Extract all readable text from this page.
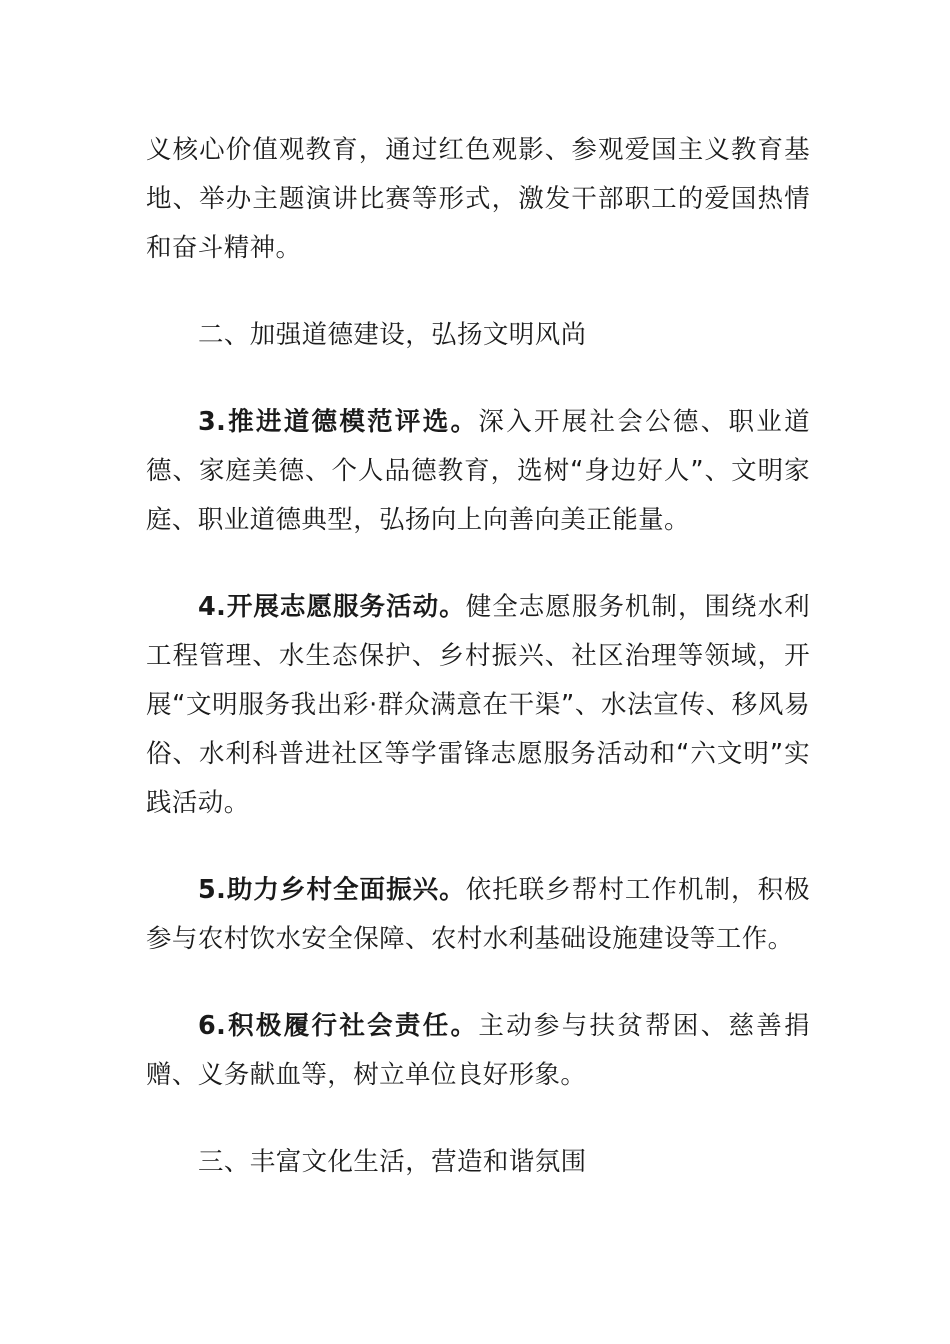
义核心价值观教育，通过红色观影、参观爱国主义教育基地、举办主题演讲比赛等形式，激发干部职工的爱国热情和奋斗精神。

二、加强道德建设，弘扬文明风尚

3.推进道德模范评选。深入开展社会公德、职业道德、家庭美德、个人品德教育，选树“身边好人”、文明家庭、职业道德典型，弘扬向上向善向美正能量。

4.开展志愿服务活动。健全志愿服务机制，围绕水利工程管理、水生态保护、乡村振兴、社区治理等领域，开展“文明服务我出彩·群众满意在干渠”、水法宣传、移风易俗、水利科普进社区等学雷锋志愿服务活动和“六文明”实践活动。

5.助力乡村全面振兴。依托联乡帮村工作机制，积极参与农村饮水安全保障、农村水利基础设施建设等工作。

6.积极履行社会责任。主动参与扶贫帮困、慈善捐赠、义务献血等，树立单位良好形象。

三、丰富文化生活，营造和谐氛围
